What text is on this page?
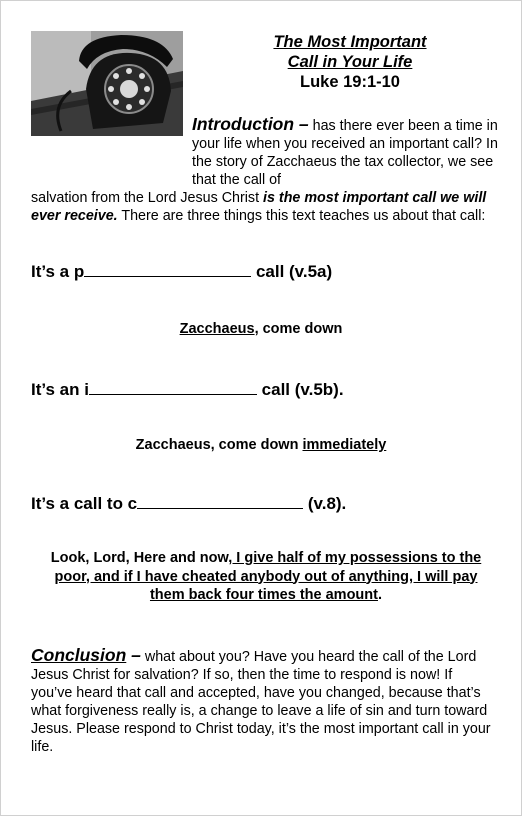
The Most Important
Call in Your Life
Luke 19:1-10
Introduction – has there ever been a time in your life when you received an important call? In the story of Zacchaeus the tax collector, we see that the call of
salvation from the Lord Jesus Christ is the most important call we will ever receive. There are three things this text teaches us about that call:
It’s a p	call (v.5a)
Zacchaeus, come down
It’s an i	call (v.5b).
Zacchaeus, come down immediately
It’s a call to c	(v.8).
Look, Lord, Here and now, I give half of my possessions to the poor, and if I have cheated anybody out of anything, I will pay them back four times the amount.
Conclusion – what about you? Have you heard the call of the Lord Jesus Christ for salvation? If so, then the time to respond is now! If you’ve heard that call and accepted, have you changed, because that’s what forgiveness really is, a change to leave a life of sin and turn toward Jesus. Please respond to Christ today, it’s the most important call in your life.
